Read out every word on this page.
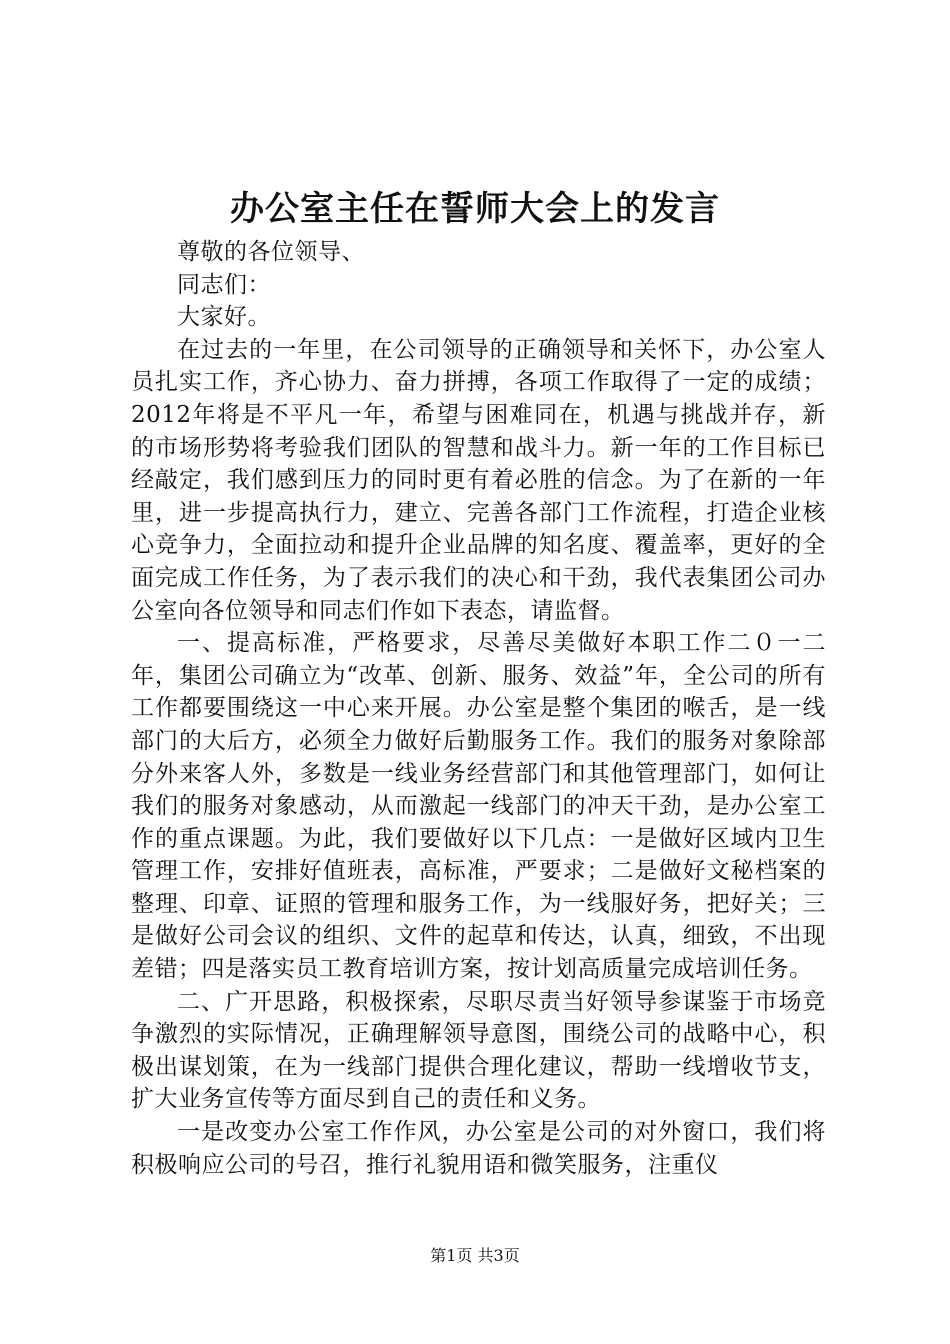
办公室主任在誓师大会上的发言

尊敬的各位领导、

同志们：

大家好。

在过去的一年里，在公司领导的正确领导和关怀下，办公室人员扎实工作，齐心协力、奋力拼搏，各项工作取得了一定的成绩；2012年将是不平凡一年，希望与困难同在，机遇与挑战并存，新的市场形势将考验我们团队的智慧和战斗力。新一年的工作目标已经敲定，我们感到压力的同时更有着必胜的信念。为了在新的一年里，进一步提高执行力，建立、完善各部门工作流程，打造企业核心竞争力，全面拉动和提升企业品牌的知名度、覆盖率，更好的全面完成工作任务，为了表示我们的决心和干劲，我代表集团公司办公室向各位领导和同志们作如下表态，请监督。

一、提高标准，严格要求，尽善尽美做好本职工作二０一二年，集团公司确立为“改革、创新、服务、效益”年，全公司的所有工作都要围绕这一中心来开展。办公室是整个集团的喉舌，是一线部门的大后方，必须全力做好后勤服务工作。我们的服务对象除部分外来客人外，多数是一线业务经营部门和其他管理部门，如何让我们的服务对象感动，从而激起一线部门的冲天干劲，是办公室工作的重点课题。为此，我们要做好以下几点：一是做好区域内卫生管理工作，安排好值班表，高标准，严要求；二是做好文秘档案的整理、印章、证照的管理和服务工作，为一线服好务，把好关；三是做好公司会议的组织、文件的起草和传达，认真，细致，不出现差错；四是落实员工教育培训方案，按计划高质量完成培训任务。

二、广开思路，积极探索，尽职尽责当好领导参谋鉴于市场竞争激烈的实际情况，正确理解领导意图，围绕公司的战略中心，积极出谋划策，在为一线部门提供合理化建议，帮助一线增收节支，扩大业务宣传等方面尽到自己的责任和义务。

一是改变办公室工作作风，办公室是公司的对外窗口，我们将积极响应公司的号召，推行礼貌用语和微笑服务，注重仪

第1页 共3页
